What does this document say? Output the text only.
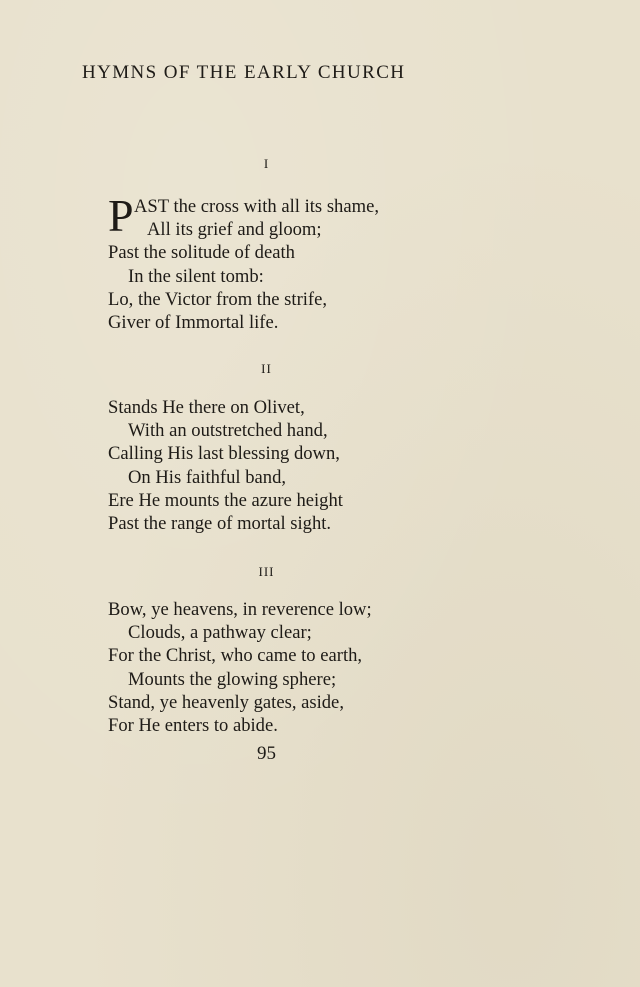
HYMNS OF THE EARLY CHURCH
I
P AST the cross with all its shame,
All its grief and gloom;
Past the solitude of death
In the silent tomb:
Lo, the Victor from the strife,
Giver of Immortal life.
II
Stands He there on Olivet,
With an outstretched hand,
Calling His last blessing down,
On His faithful band,
Ere He mounts the azure height
Past the range of mortal sight.
III
Bow, ye heavens, in reverence low;
Clouds, a pathway clear;
For the Christ, who came to earth,
Mounts the glowing sphere;
Stand, ye heavenly gates, aside,
For He enters to abide.
95
